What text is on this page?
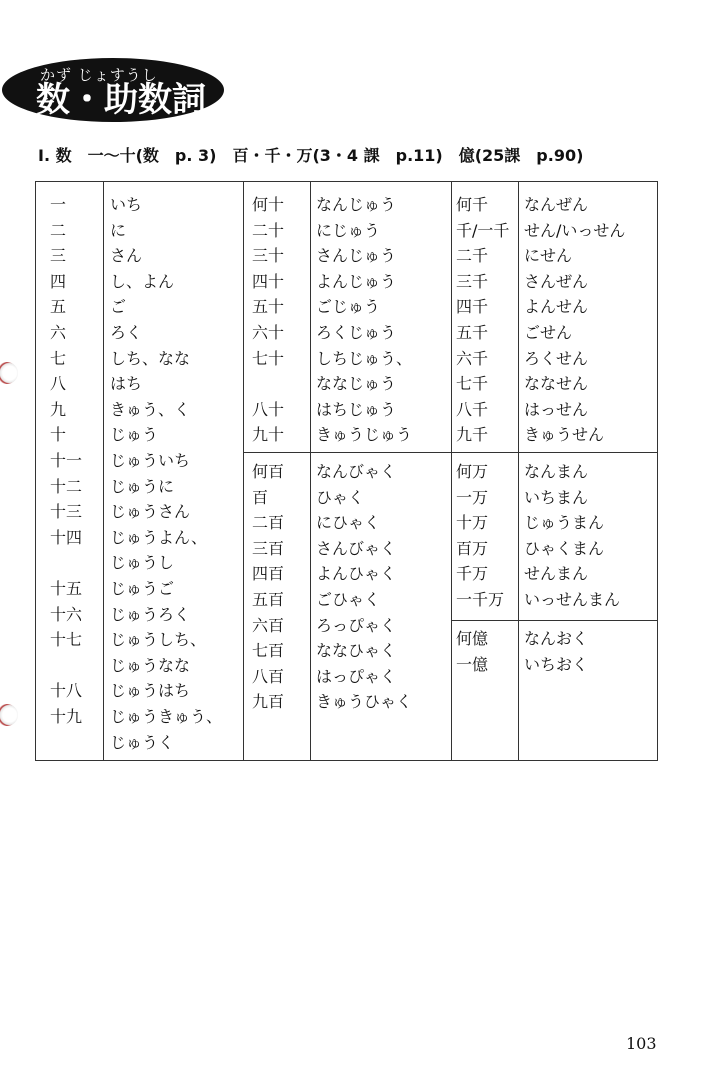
かず じょすうし
数・助数詞
I. 数　一〜十(数　p. 3)　百・千・万(3・4 課　p.11)　億(25課　p.90)
一	いち
二	に
三	さん
四	し、よん
五	ご
六	ろく
七	しち、なな
八	はち
九	きゅう、く
十	じゅう
十一 じゅういち
十二 じゅうに
十三 じゅうさん
十四 じゅうよん、
じゅうし
十五 じゅうご
十六 じゅうろく
十七 じゅうしち、
じゅうなな
十八 じゅうはち
十九 じゅうきゅう、
じゅうく
何十 なんじゅう
二十 にじゅう
三十 さんじゅう
四十 よんじゅう
五十 ごじゅう
六十 ろくじゅう
七十 しちじゅう、
ななじゅう
八十 はちじゅう
九十 きゅうじゅう
何百 なんびゃく
百	ひゃく
二百 にひゃく
三百 さんびゃく
四百 よんひゃく
五百 ごひゃく
六百 ろっぴゃく
七百 ななひゃく
八百 はっぴゃく
九百 きゅうひゃく
何千 なんぜん
千/一千 せん/いっせん
二千 にせん
三千 さんぜん
四千 よんせん
五千 ごせん
六千 ろくせん
七千 ななせん
八千 はっせん
九千 きゅうせん
何万 なんまん
一万 いちまん
十万 じゅうまん
百万 ひゃくまん
千万 せんまん
一千万 いっせんまん
何億 なんおく
一億 いちおく
103
